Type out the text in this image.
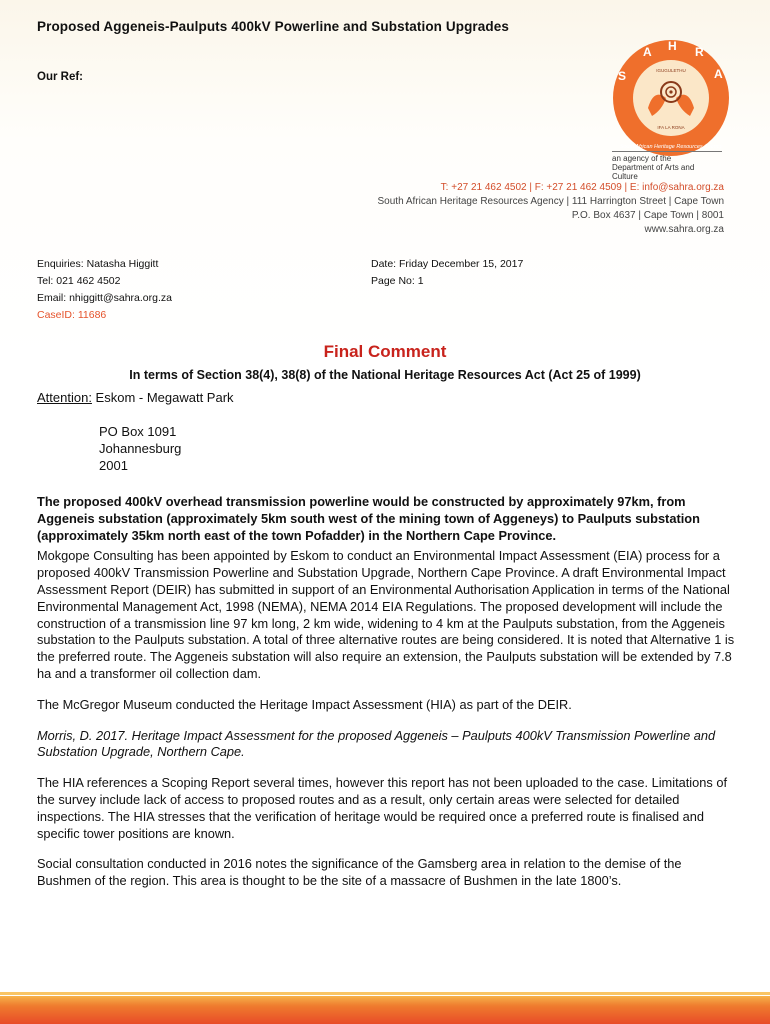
Proposed Aggeneis-Paulputs 400kV Powerline and Substation Upgrades
Our Ref:	S
A H R
A
IGUGULETHU
IFA LA RONA
South African Heritage Resources Agency
an agency of the
Department of Arts and Culture
T: +27 21 462 4502 | F: +27 21 462 4509 | E: info@sahra.org.za
South African Heritage Resources Agency | 111 Harrington Street | Cape Town
P.O. Box 4637 | Cape Town | 8001
www.sahra.org.za
Enquiries: Natasha Higgitt
Tel: 021 462 4502
Email: nhiggitt@sahra.org.za
CaseID: 11686
Date: Friday December 15, 2017
Page No: 1
Final Comment
In terms of Section 38(4), 38(8) of the National Heritage Resources Act (Act 25 of 1999)
Attention: Eskom - Megawatt Park
PO Box 1091
Johannesburg
2001

The proposed 400kV overhead transmission powerline would be constructed by approximately 97km, from Aggeneis substation (approximately 5km south west of the mining town of Aggeneys) to Paulputs substation (approximately 35km north east of the town Pofadder) in the Northern Cape Province.

Mokgope Consulting has been appointed by Eskom to conduct an Environmental Impact Assessment (EIA) process for a proposed 400kV Transmission Powerline and Substation Upgrade, Northern Cape Province. A draft Environmental Impact Assessment Report (DEIR) has submitted in support of an Environmental Authorisation Application in terms of the National Environmental Management Act, 1998 (NEMA), NEMA 2014 EIA Regulations. The proposed development will include the construction of a transmission line 97 km long, 2 km wide, widening to 4 km at the Paulputs substation, from the Aggeneis substation to the Paulputs substation. A total of three alternative routes are being considered. It is noted that Alternative 1 is the preferred route. The Aggeneis substation will also require an extension, the Paulputs substation will be extended by 7.8 ha and a transformer oil collection dam.

The McGregor Museum conducted the Heritage Impact Assessment (HIA) as part of the DEIR.

Morris, D. 2017. Heritage Impact Assessment for the proposed Aggeneis – Paulputs 400kV Transmission Powerline and Substation Upgrade, Northern Cape.

The HIA references a Scoping Report several times, however this report has not been uploaded to the case. Limitations of the survey include lack of access to proposed routes and as a result, only certain areas were selected for detailed inspections. The HIA stresses that the verification of heritage would be required once a preferred route is finalised and specific tower positions are known.

Social consultation conducted in 2016 notes the significance of the Gamsberg area in relation to the demise of the Bushmen of the region. This area is thought to be the site of a massacre of Bushmen in the late 1800’s.
